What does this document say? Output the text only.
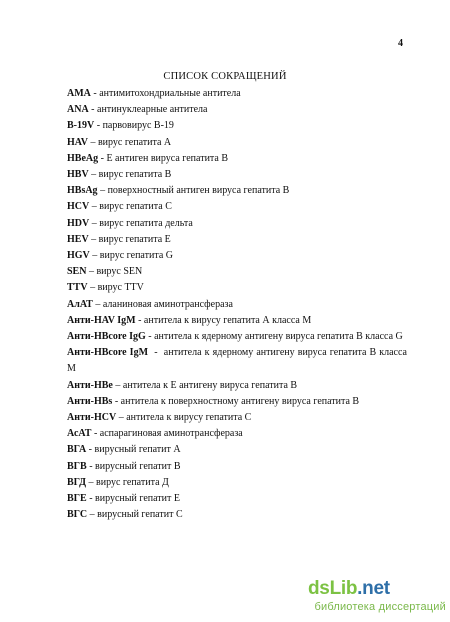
4
СПИСОК СОКРАЩЕНИЙ
AMA - антимитохондриальные антитела
ANA - антинуклеарные антитела
B-19V - парвовирус B-19
HAV – вирус гепатита А
HBeAg - Е антиген вируса гепатита В
HBV – вирус гепатита В
HBsAg – поверхностный антиген вируса гепатита В
HCV – вирус гепатита С
HDV – вирус гепатита дельта
HEV – вирус гепатита Е
HGV – вирус гепатита G
SEN – вирус SEN
TTV – вирус TTV
АлАТ – аланиновая аминотрансфераза
Анти-HAV IgM - антитела к вирусу гепатита А класса М
Анти-HBcore IgG - антитела к ядерному антигену вируса гепатита В класса G
Анти-HBcore IgM  -  антитела к ядерному антигену вируса гепатита В класса М
Анти-HBe – антитела к Е антигену вируса гепатита В
Анти-HBs - антитела к поверхностному антигену вируса гепатита В
Анти-HCV – антитела к вирусу гепатита С
АсАТ - аспарагиновая аминотрансфераза
ВГА - вирусный гепатит А
ВГВ - вирусный гепатит В
ВГД – вирус гепатита Д
ВГЕ - вирусный гепатит Е
ВГС – вирусный гепатит С
dsLib.net
библиотека диссертаций
